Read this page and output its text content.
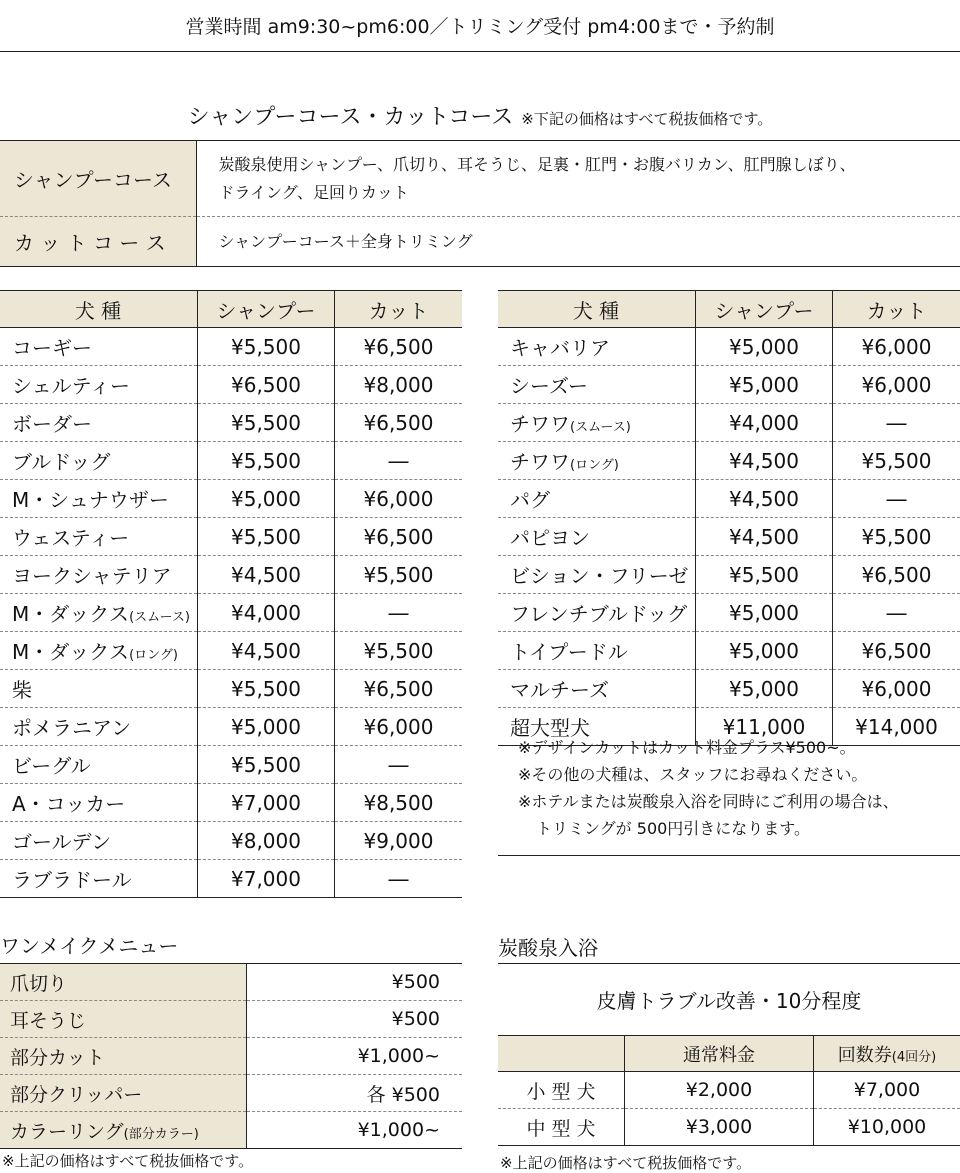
営業時間 am9:30~pm6:00／トリミング受付 pm4:00まで・予約制
シャンプーコース・カットコース ※下記の価格はすべて税抜価格です。
シャンプーコース	炭酸泉使用シャンプー、爪切り、耳そうじ、足裏・肛門・お腹バリカン、肛門腺しぼり、
ドライング、足回りカット
カ ッ ト コ ー ス	シャンプーコース＋全身トリミング
犬 種	シャンプー	カット
コーギー	¥5,500	¥6,500
シェルティー	¥6,500	¥8,000
ボーダー	¥5,500	¥6,500
ブルドッグ	¥5,500	―
M・シュナウザー	¥5,000	¥6,000
ウェスティー	¥5,500	¥6,500
ヨークシャテリア	¥4,500	¥5,500
M・ダックス(スムース)	¥4,000	―
M・ダックス(ロング)	¥4,500	¥5,500
柴	¥5,500	¥6,500
ポメラニアン	¥5,000	¥6,000
ビーグル	¥5,500	―
A・コッカー	¥7,000	¥8,500
ゴールデン	¥8,000	¥9,000
ラブラドール	¥7,000	―
犬 種	シャンプー	カット
キャバリア	¥5,000	¥6,000
シーズー	¥5,000	¥6,000
チワワ(スムース)	¥4,000	―
チワワ(ロング)	¥4,500	¥5,500
パグ	¥4,500	―
パピヨン	¥4,500	¥5,500
ビション・フリーゼ	¥5,500	¥6,500
フレンチブルドッグ	¥5,000	―
トイプードル	¥5,000	¥6,500
マルチーズ	¥5,000	¥6,000
超大型犬	¥11,000	¥14,000
※デザインカットはカット料金プラス¥500~。
※その他の犬種は、スタッフにお尋ねください。
※ホテルまたは炭酸泉入浴を同時にご利用の場合は、
トリミングが 500円引きになります。
ワンメイクメニュー
爪切り	¥500
耳そうじ	¥500
部分カット	¥1,000~
部分クリッパー	各 ¥500
カラーリング(部分カラー)	¥1,000~
※上記の価格はすべて税抜価格です。
炭酸泉入浴
皮膚トラブル改善・10分程度
	通常料金	回数券(4回分)
小 型 犬	¥2,000	¥7,000
中 型 犬	¥3,000	¥10,000
※上記の価格はすべて税抜価格です。
